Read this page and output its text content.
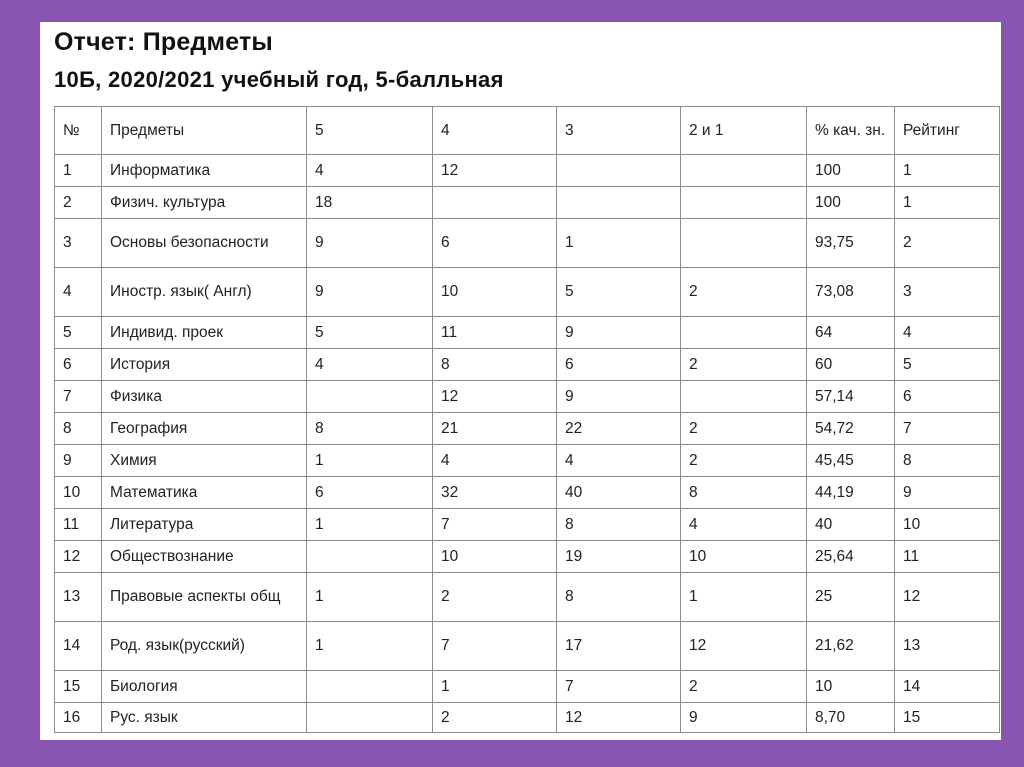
Отчет: Предметы
10Б, 2020/2021 учебный год, 5-балльная
№	Предметы	5	4	3	2 и 1	% кач. зн.	Рейтинг
1	Информатика	4	12			100	1
2	Физич. культура	18				100	1
3	Основы безопасности	9	6	1		93,75	2
4	Иностр. язык( Англ)	9	10	5	2	73,08	3
5	Индивид. проек	5	11	9		64	4
6	История	4	8	6	2	60	5
7	Физика		12	9		57,14	6
8	География	8	21	22	2	54,72	7
9	Химия	1	4	4	2	45,45	8
10	Математика	6	32	40	8	44,19	9
11	Литература	1	7	8	4	40	10
12	Обществознание		10	19	10	25,64	11
13	Правовые аспекты общ	1	2	8	1	25	12
14	Род. язык(русский)	1	7	17	12	21,62	13
15	Биология		1	7	2	10	14
16	Рус. язык		2	12	9	8,70	15
